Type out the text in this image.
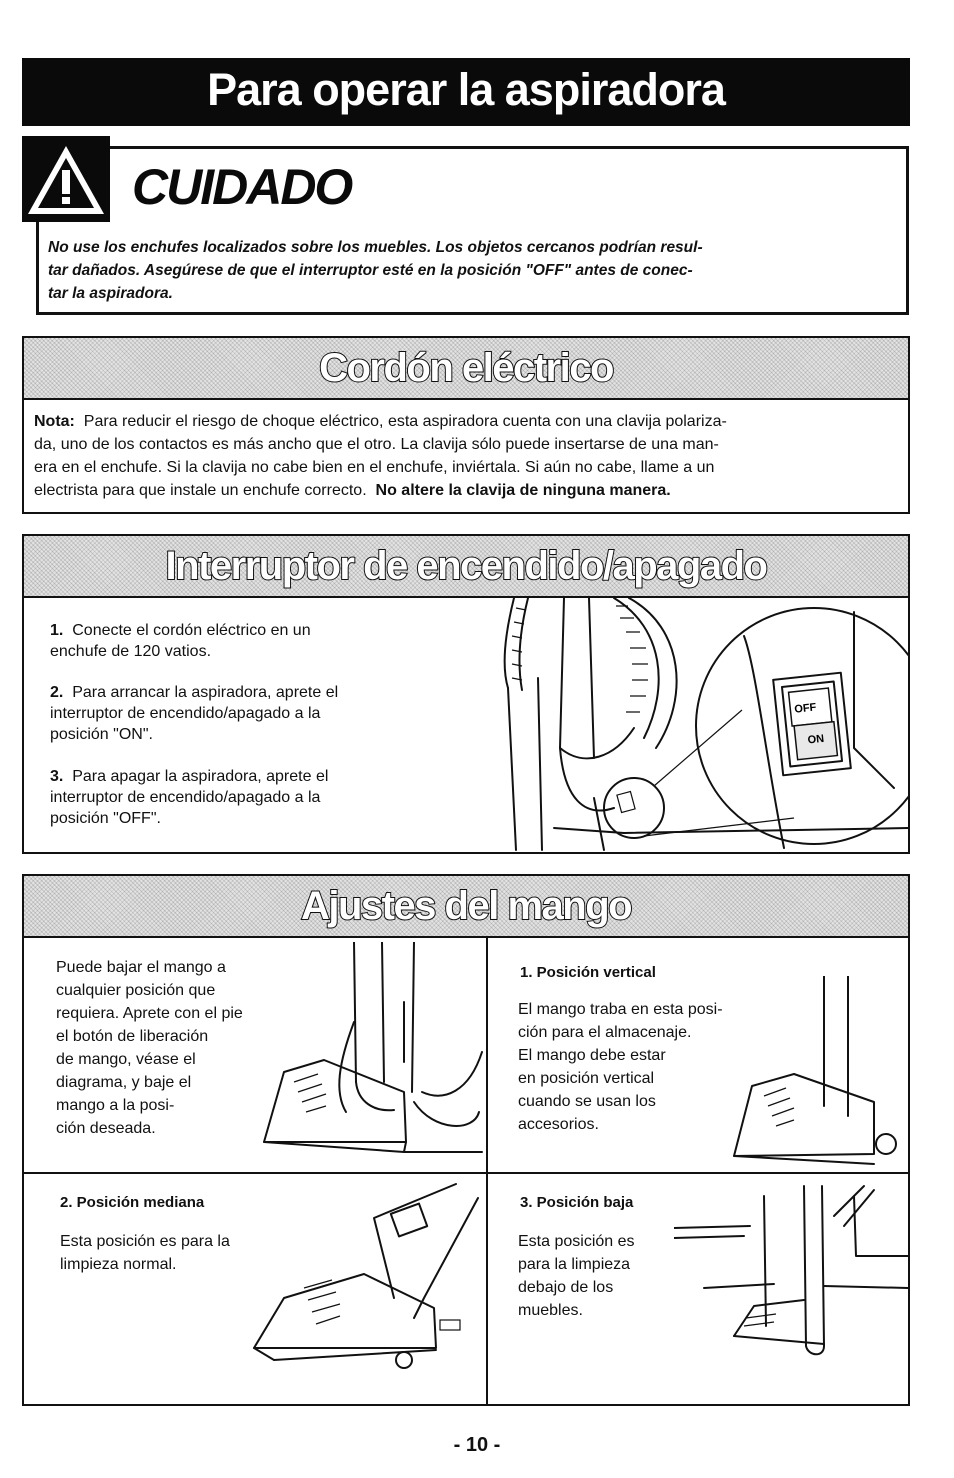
Para operar la aspiradora
CUIDADO
No use los enchufes localizados sobre los muebles. Los objetos cercanos podrían resul-
tar dañados. Asegúrese de que el interruptor esté en la posición "OFF" antes de conec-
tar la aspiradora.
Cordón eléctrico
Nota: Para reducir el riesgo de choque eléctrico, esta aspiradora cuenta con una clavija polariza-
da, uno de los contactos es más ancho que el otro. La clavija sólo puede insertarse de una man-
era en el enchufe. Si la clavija no cabe bien en el enchufe, inviértala. Si aún no cabe, llame a un
electrista para que instale un enchufe correcto. No altere la clavija de ninguna manera.
Interruptor de encendido/apagado
1. Conecte el cordón eléctrico en un
enchufe de 120 vatios.
2. Para arrancar la aspiradora, aprete el
interruptor de encendido/apagado a la
posición "ON".
3. Para apagar la aspiradora, aprete el
interruptor de encendido/apagado a la
posición "OFF".
OFF
ON
Ajustes del mango
Puede bajar el mango a
cualquier posición que
requiera. Aprete con el pie
el botón de liberación
de mango, véase el
diagrama, y baje el
mango a la posi-
ción deseada.
1. Posición vertical
El mango traba en esta posi-
ción para el almacenaje.
El mango debe estar
en posición vertical
cuando se usan los
accesorios.
2. Posición mediana
Esta posición es para la
limpieza normal.
3. Posición baja
Esta posición es
para la limpieza
debajo de los
muebles.
- 10 -
